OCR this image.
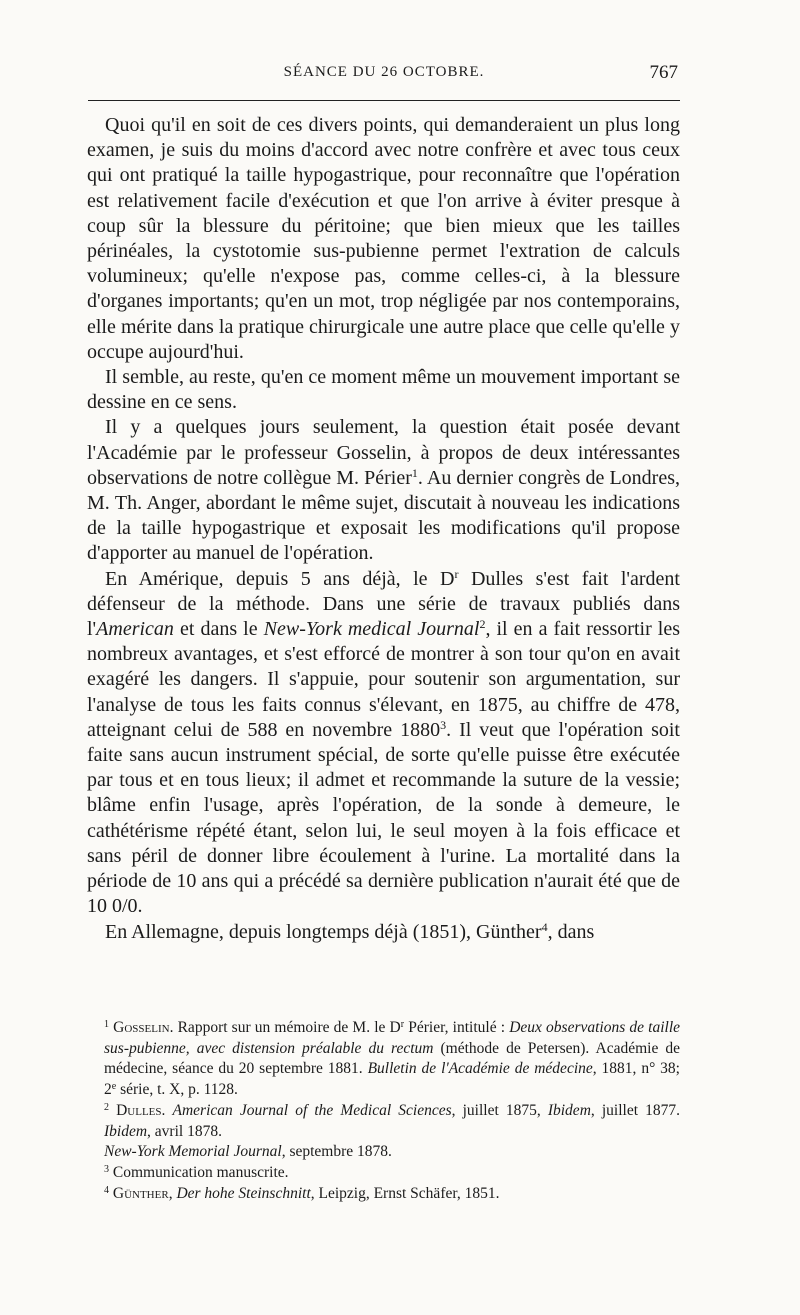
SÉANCE DU 26 OCTOBRE.	767

Quoi qu'il en soit de ces divers points, qui demanderaient un plus long examen, je suis du moins d'accord avec notre confrère et avec tous ceux qui ont pratiqué la taille hypogastrique, pour reconnaître que l'opération est relativement facile d'exécution et que l'on arrive à éviter presque à coup sûr la blessure du péritoine; que bien mieux que les tailles périnéales, la cystotomie sus-pubienne permet l'extration de calculs volumineux; qu'elle n'expose pas, comme celles-ci, à la blessure d'organes importants; qu'en un mot, trop négligée par nos contemporains, elle mérite dans la pratique chirurgicale une autre place que celle qu'elle y occupe aujourd'hui.

Il semble, au reste, qu'en ce moment même un mouvement important se dessine en ce sens.

Il y a quelques jours seulement, la question était posée devant l'Académie par le professeur Gosselin, à propos de deux intéressantes observations de notre collègue M. Périer$^1$. Au dernier congrès de Londres, M. Th. Anger, abordant le même sujet, discutait à nouveau les indications de la taille hypogastrique et exposait les modifications qu'il propose d'apporter au manuel de l'opération.

En Amérique, depuis 5 ans déjà, le D$^r$ Dulles s'est fait l'ardent défenseur de la méthode. Dans une série de travaux publiés dans l'American et dans le New-York medical Journal$^2$, il en a fait ressortir les nombreux avantages, et s'est efforcé de montrer à son tour qu'on en avait exagéré les dangers. Il s'appuie, pour soutenir son argumentation, sur l'analyse de tous les faits connus s'élevant, en 1875, au chiffre de 478, atteignant celui de 588 en novembre 1880$^3$. Il veut que l'opération soit faite sans aucun instrument spécial, de sorte qu'elle puisse être exécutée par tous et en tous lieux; il admet et recommande la suture de la vessie; blâme enfin l'usage, après l'opération, de la sonde à demeure, le cathétérisme répété étant, selon lui, le seul moyen à la fois efficace et sans péril de donner libre écoulement à l'urine. La mortalité dans la période de 10 ans qui a précédé sa dernière publication n'aurait été que de 10 0/0.

En Allemagne, depuis longtemps déjà (1851), Günther$^4$, dans

$^1$ Gosselin. Rapport sur un mémoire de M. le D$^r$ Périer, intitulé : Deux observations de taille sus-pubienne, avec distension préalable du rectum (méthode de Petersen). Académie de médecine, séance du 20 septembre 1881. Bulletin de l'Académie de médecine, 1881, n° 38; 2e série, t. X, p. 1128.

$^2$ Dulles. American Journal of the Medical Sciences, juillet 1875, Ibidem, juillet 1877. Ibidem, avril 1878.

New-York Memorial Journal, septembre 1878.

$^3$ Communication manuscrite.

$^4$ Günther, Der hohe Steinschnitt, Leipzig, Ernst Schäfer, 1851.
